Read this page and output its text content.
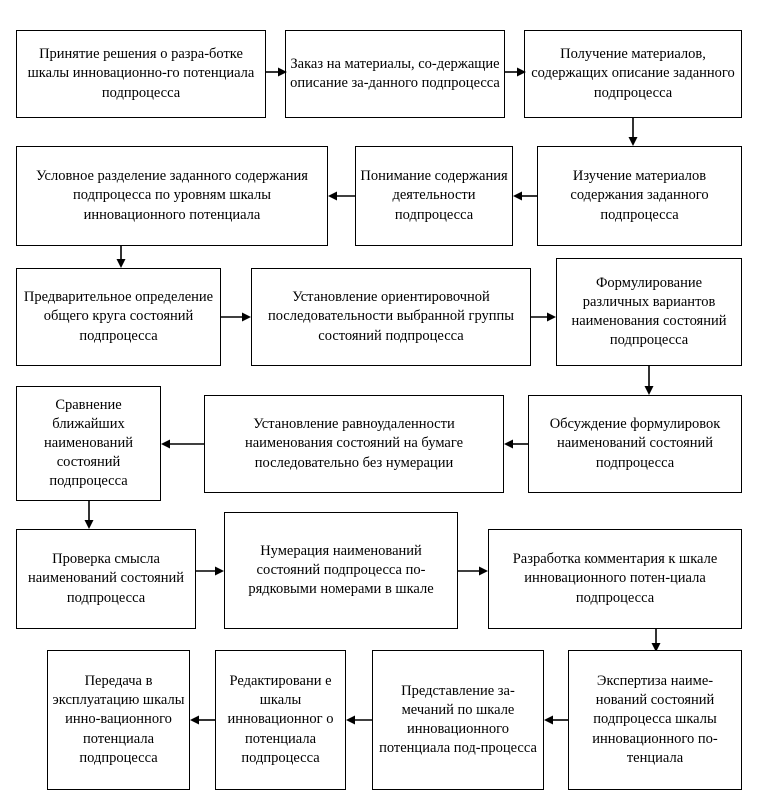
Принятие решения о разра-ботке шкалы инновационно-го потенциала подпроцесса
Заказ на материалы, со-держащие описание за-данного подпроцесса
Получение материалов, содержащих описание заданного подпроцесса
Условное разделение заданного содержания подпроцесса по уровням шкалы инновационного потенциала
Понимание содержания деятельности подпроцесса
Изучение материалов содержания заданного подпроцесса
Предварительное определение общего круга состояний подпроцесса
Установление ориентировочной последовательности выбранной группы состояний подпроцесса
Формулирование различных вариантов наименования состояний подпроцесса
Сравнение ближайших наименований состояний подпроцесса
Установление равноудаленности наименования состояний на бумаге последовательно без нумерации
Обсуждение формулировок наименований состояний подпроцесса
Проверка смысла наименований состояний подпроцесса
Нумерация наименований состояний подпроцесса по-рядковыми номерами в шкале
Разработка комментария к шкале инновационного потен-циала подпроцесса
Передача в эксплуатацию шкалы инно-вационного потенциала подпроцесса
Редактировани е шкалы инновационног о потенциала подпроцесса
Представление за-мечаний по шкале инновационного потенциала под-процесса
Экспертиза наиме-нований состояний подпроцесса шкалы инновационного по-тенциала
